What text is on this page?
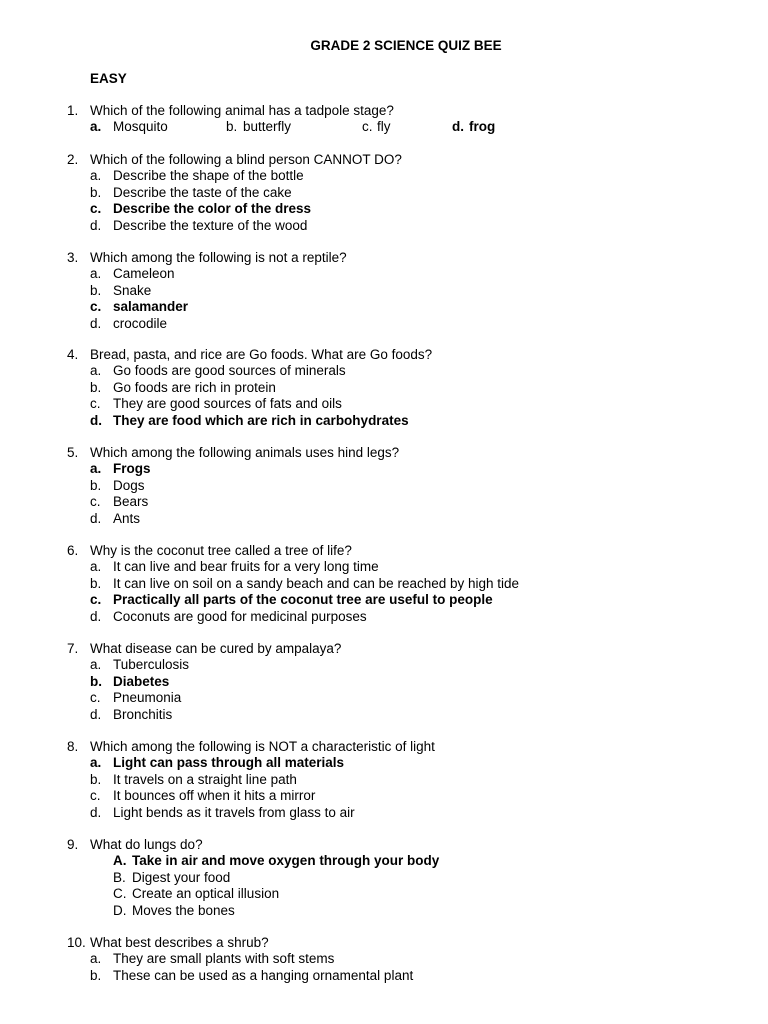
GRADE 2 SCIENCE QUIZ BEE
EASY
1. Which of the following animal has a tadpole stage?
a. Mosquito	b. butterfly	c. fly	d. frog
2. Which of the following a blind person CANNOT DO?
a. Describe the shape of the bottle
b. Describe the taste of the cake
c. Describe the color of the dress
d. Describe the texture of the wood
3. Which among the following is not a reptile?
a. Cameleon
b. Snake
c. salamander
d. crocodile
4. Bread, pasta, and rice are Go foods. What are Go foods?
a. Go foods are good sources of minerals
b. Go foods are rich in protein
c. They are good sources of fats and oils
d. They are food which are rich in carbohydrates
5. Which among the following animals uses hind legs?
a. Frogs
b. Dogs
c. Bears
d. Ants
6. Why is the coconut tree called a tree of life?
a. It can live and bear fruits for a very long time
b. It can live on soil on a sandy beach and can be reached by high tide
c. Practically all parts of the coconut tree are useful to people
d. Coconuts are good for medicinal purposes
7. What disease can be cured by ampalaya?
a. Tuberculosis
b. Diabetes
c. Pneumonia
d. Bronchitis
8. Which among the following is NOT a characteristic of light
a. Light can pass through all materials
b. It travels on a straight line path
c. It bounces off when it hits a mirror
d. Light bends as it travels from glass to air
9. What do lungs do?
A. Take in air and move oxygen through your body
B. Digest your food
C. Create an optical illusion
D. Moves the bones
10. What best describes a shrub?
a. They are small plants with soft stems
b. These can be used as a hanging ornamental plant
